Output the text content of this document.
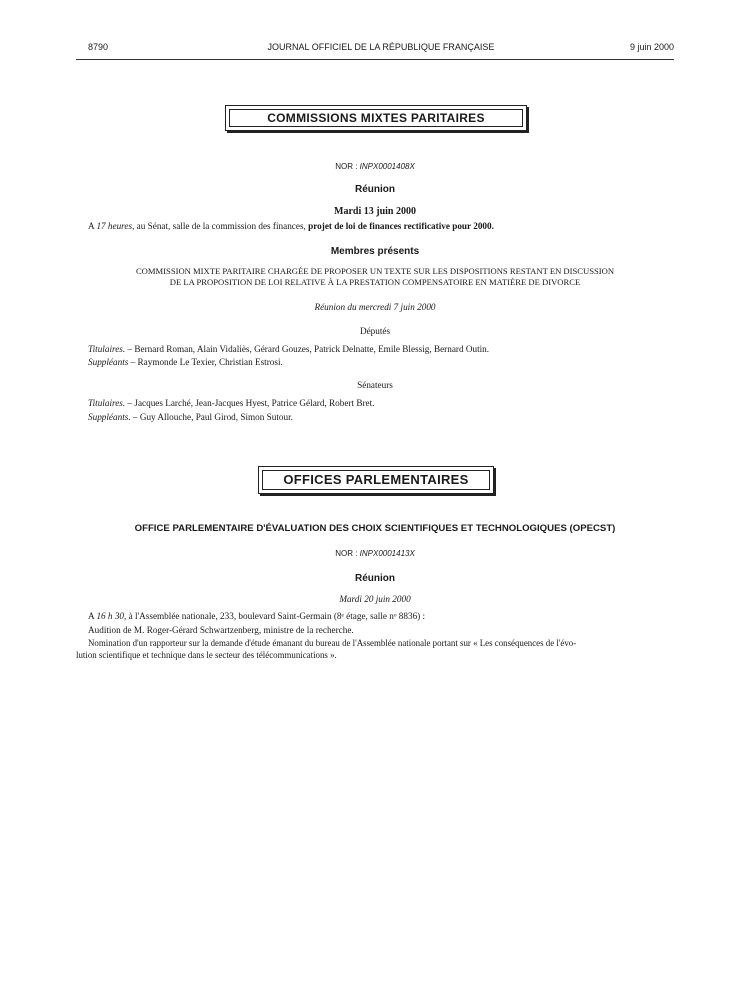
8790	JOURNAL OFFICIEL DE LA RÉPUBLIQUE FRANÇAISE	9 juin 2000
COMMISSIONS MIXTES PARITAIRES
NOR : INPX0001408X
Réunion
Mardi 13 juin 2000
A 17 heures, au Sénat, salle de la commission des finances, projet de loi de finances rectificative pour 2000.
Membres présents
COMMISSION MIXTE PARITAIRE CHARGÉE DE PROPOSER UN TEXTE SUR LES DISPOSITIONS RESTANT EN DISCUSSION
DE LA PROPOSITION DE LOI RELATIVE À LA PRESTATION COMPENSATOIRE EN MATIÈRE DE DIVORCE
Réunion du mercredi 7 juin 2000
Députés
Titulaires. – Bernard Roman, Alain Vidaliès, Gérard Gouzes, Patrick Delnatte, Emile Blessig, Bernard Outin.
Suppléants – Raymonde Le Texier, Christian Estrosi.
Sénateurs
Titulaires. – Jacques Larché, Jean-Jacques Hyest, Patrice Gélard, Robert Bret.
Suppléants. – Guy Allouche, Paul Girod, Simon Sutour.
OFFICES PARLEMENTAIRES
OFFICE PARLEMENTAIRE D'ÉVALUATION DES CHOIX SCIENTIFIQUES ET TECHNOLOGIQUES (OPECST)
NOR : INPX0001413X
Réunion
Mardi 20 juin 2000
A 16 h 30, à l'Assemblée nationale, 233, boulevard Saint-Germain (8ᵉ étage, salle nᵒ 8836) :
Audition de M. Roger-Gérard Schwartzenberg, ministre de la recherche.
Nomination d'un rapporteur sur la demande d'étude émanant du bureau de l'Assemblée nationale portant sur « Les conséquences de l'évo-
lution scientifique et technique dans le secteur des télécommunications ».
